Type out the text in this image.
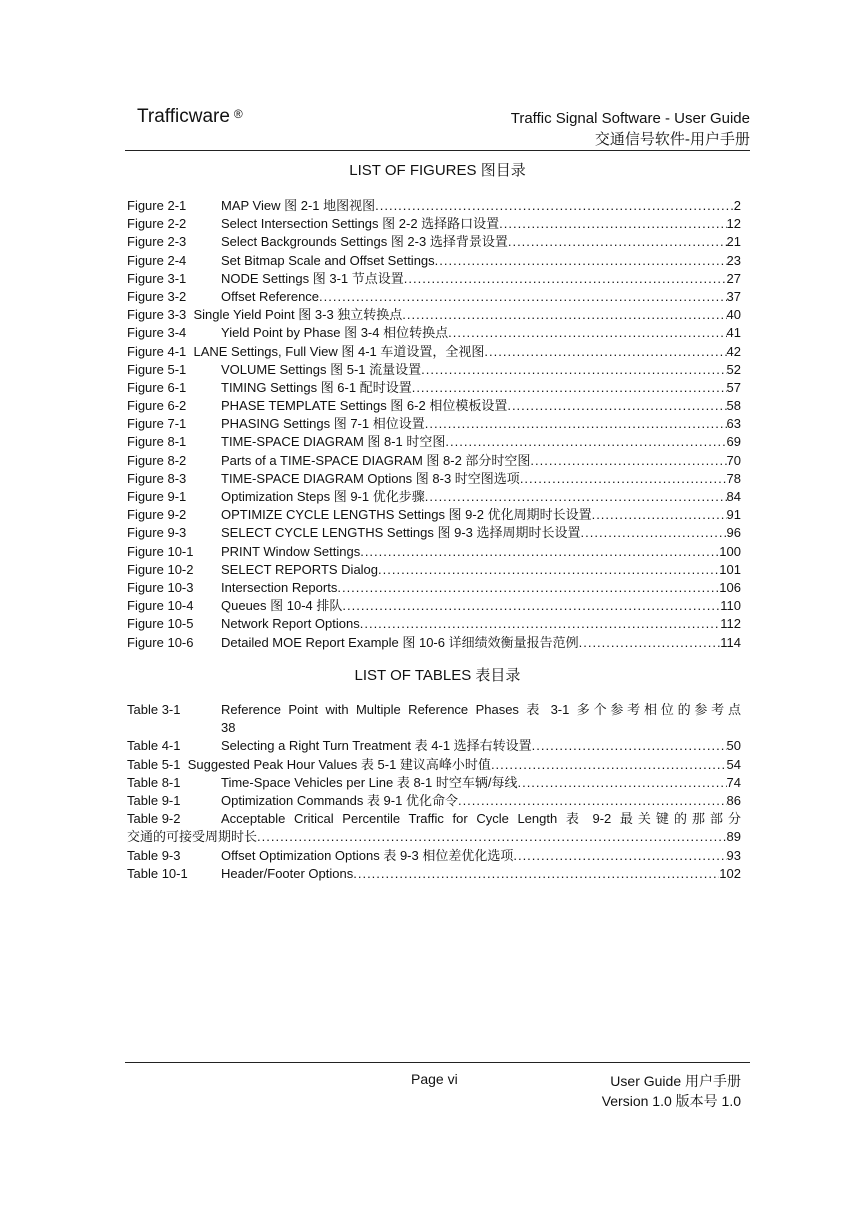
Trafficware ®	Traffic Signal Software - User Guide
交通信号软件-用户手册
LIST OF FIGURES 图目录
Figure 2-1	MAP View 图 2-1 地图视图 .....	2
Figure 2-2	Select Intersection Settings 图 2-2 选择路口设置 .....	12
Figure 2-3	Select Backgrounds Settings 图 2-3 选择背景设置 .....	21
Figure 2-4	Set Bitmap Scale and Offset Settings .....	23
Figure 3-1	NODE Settings 图 3-1 节点设置 .....	27
Figure 3-2	Offset Reference .....	37
Figure 3-3 Single Yield Point 图 3-3 独立转换点 .....	40
Figure 3-4	Yield Point by Phase 图 3-4 相位转换点 .....	41
Figure 4-1 LANE Settings, Full View 图 4-1 车道设置，全视图 .....	42
Figure 5-1	VOLUME Settings 图 5-1 流量设置 .....	52
Figure 6-1	TIMING Settings 图 6-1 配时设置 .....	57
Figure 6-2	PHASE TEMPLATE Settings 图 6-2 相位模板设置 .....	58
Figure 7-1	PHASING Settings 图 7-1 相位设置 .....	63
Figure 8-1	TIME-SPACE DIAGRAM 图 8-1 时空图 .....	69
Figure 8-2	Parts of a TIME-SPACE DIAGRAM 图 8-2 部分时空图 .....	70
Figure 8-3	TIME-SPACE DIAGRAM Options 图 8-3 时空图选项 .....	78
Figure 9-1	Optimization Steps 图 9-1 优化步骤 .....	84
Figure 9-2	OPTIMIZE CYCLE LENGTHS Settings 图 9-2 优化周期时长设置 .....	91
Figure 9-3	SELECT CYCLE LENGTHS Settings 图 9-3 选择周期时长设置 .....	96
Figure 10-1 PRINT Window Settings .....	100
Figure 10-2 SELECT REPORTS Dialog .....	101
Figure 10-3 Intersection Reports .....	106
Figure 10-4 Queues 图 10-4 排队 .....	110
Figure 10-5 Network Report Options .....	112
Figure 10-6 Detailed MOE Report Example 图 10-6 详细绩效衡量报告范例 .....	114
LIST OF TABLES 表目录
Table 3-1	Reference Point with Multiple Reference Phases 表 3-1 多个参考相位的参考点
38
Table 4-1	Selecting a Right Turn Treatment 表 4-1 选择右转设置 .....	50
Table 5-1 Suggested Peak Hour Values 表 5-1 建议高峰小时值 .....	54
Table 8-1	Time-Space Vehicles per Line 表 8-1 时空车辆/每线 .....	74
Table 9-1	Optimization Commands 表 9-1 优化命令 .....	86
Table 9-2	Acceptable Critical Percentile Traffic for Cycle Length 表 9-2 最关键的那部分
交通的可接受周期时长 .....	89
Table 9-3	Offset Optimization Options 表 9-3 相位差优化选项 .....	93
Table 10-1	Header/Footer Options .....	102
Page vi	User Guide 用户手册
Version 1.0 版本号 1.0
